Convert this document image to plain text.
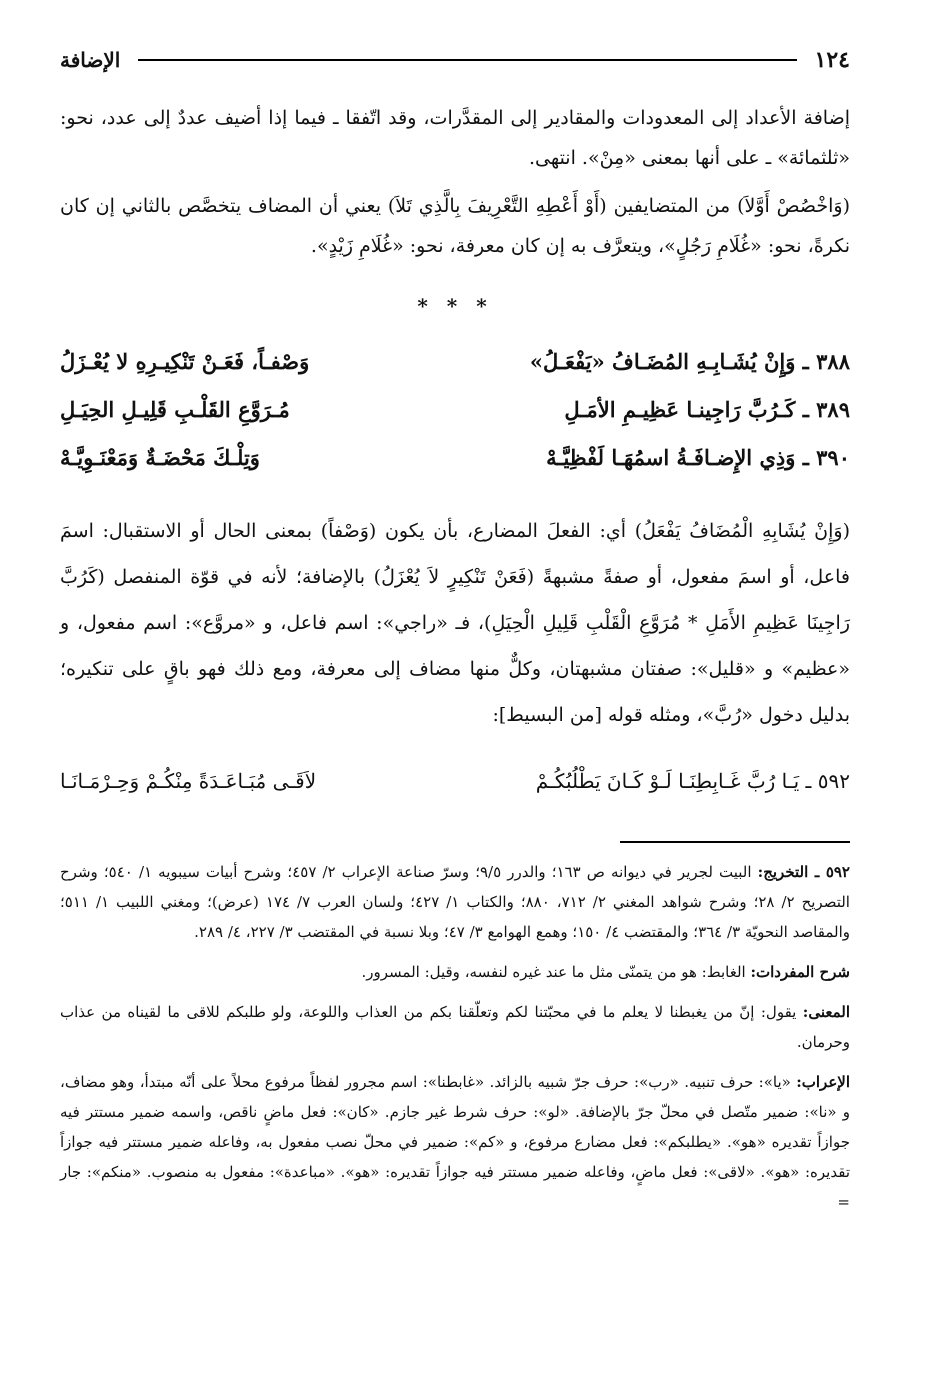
١٢٤
الإضافة

إضافة الأعداد إلى المعدودات والمقادير إلى المقدَّرات، وقد اتّفقا ـ فيما إذا أضيف عددٌ إلى عدد، نحو: «ثلثمائة» ـ على أنها بمعنى «مِنْ». انتهى.

(وَاخْصُصْ أَوَّلاَ) من المتضايفين (أَوْ أَعْطِهِ التَّعْرِيفَ بِالَّذِي تَلاَ) يعني أن المضاف يتخصَّص بالثاني إن كان نكرةً، نحو: «غُلَامِ رَجُلٍ»، ويتعرَّف به إن كان معرفة، نحو: «غُلَامِ زَيْدٍ».

* * *
٣٨٨ ـ وَإِنْ يُشَـابِـهِ المُضَـافُ «يَفْعَـلُ»
وَصْفـاً، فَعَـنْ تَنْكِيـرِهِ لا يُعْـزَلُ
٣٨٩ ـ كَـرُبَّ رَاجِينـا عَظِيـمِ الأمَـلِ
مُـرَوَّعِ القَلْـبِ قَلِيـلِ الحِيَـلِ
٣٩٠ ـ وَذِي الإِضـافَـةُ اسمُهَـا لَفْظِيَّـهْ
وَتِلْـكَ مَحْضَـةٌ وَمَعْنَـوِيَّـهْ

(وَإِنْ يُشَابِهِ الْمُضَافُ يَفْعَلُ) أي: الفعلَ المضارع، بأن يكون (وَصْفاً) بمعنى الحال أو الاستقبال: اسمَ فاعل، أو اسمَ مفعول، أو صفةً مشبهةً (فَعَنْ تَنْكِيرٍ لاَ يُعْزَلُ) بالإضافة؛ لأنه في قوّة المنفصل (كَرُبَّ رَاجِينَا عَظِيمِ الأَمَلِ * مُرَوَّعِ الْقَلْبِ قَلِيلِ الْحِيَلِ)، فـ «راجي»: اسم فاعل، و «مروَّع»: اسم مفعول، و «عظيم» و «قليل»: صفتان مشبهتان، وكلٌّ منها مضاف إلى معرفة، ومع ذلك فهو باقٍ على تنكيره؛ بدليل دخول «رُبَّ»، ومثله قوله [من البسيط]:

٥٩٢ ـ يَـا رُبَّ غَـابِطِنَـا لَـوْ كَـانَ يَطْلُبُكُـمْ
لاَقَـى مُبَـاعَـدَةً مِنْكُـمْ وَحِـرْمَـانَـا

٥٩٢ ـ التخريج: البيت لجرير في ديوانه ص ١٦٣؛ والدرر ٩/٥؛ وسرّ صناعة الإعراب ٢/ ٤٥٧؛ وشرح أبيات سيبويه ١/ ٥٤٠؛ وشرح التصريح ٢/ ٢٨؛ وشرح شواهد المغني ٢/ ٧١٢، ٨٨٠؛ والكتاب ١/ ٤٢٧؛ ولسان العرب ٧/ ١٧٤ (عرض)؛ ومغني اللبيب ١/ ٥١١؛ والمقاصد النحويّة ٣/ ٣٦٤؛ والمقتضب ٤/ ١٥٠؛ وهمع الهوامع ٣/ ٤٧؛ وبلا نسبة في المقتضب ٣/ ٢٢٧، ٤/ ٢٨٩.

شرح المفردات: الغابط: هو من يتمنّى مثل ما عند غيره لنفسه، وقيل: المسرور.

المعنى: يقول: إنّ من يغبطنا لا يعلم ما في محبّتنا لكم وتعلّقنا بكم من العذاب واللوعة، ولو طلبكم للاقى ما لقيناه من عذاب وحرمان.

الإعراب: «يا»: حرف تنبيه. «رب»: حرف جرّ شبيه بالزائد. «غابطنا»: اسم مجرور لفظاً مرفوع محلاً على أنّه مبتدأ، وهو مضاف، و «نا»: ضمير متّصل في محلّ جرّ بالإضافة. «لو»: حرف شرط غير جازم. «كان»: فعل ماضٍ ناقص، واسمه ضمير مستتر فيه جوازاً تقديره «هو». «يطلبكم»: فعل مضارع مرفوع، و «كم»: ضمير في محلّ نصب مفعول به، وفاعله ضمير مستتر فيه جوازاً تقديره: «هو». «لاقى»: فعل ماضٍ، وفاعله ضمير مستتر فيه جوازاً تقديره: «هو». «مباعدة»: مفعول به منصوب. «منكم»: جار =
